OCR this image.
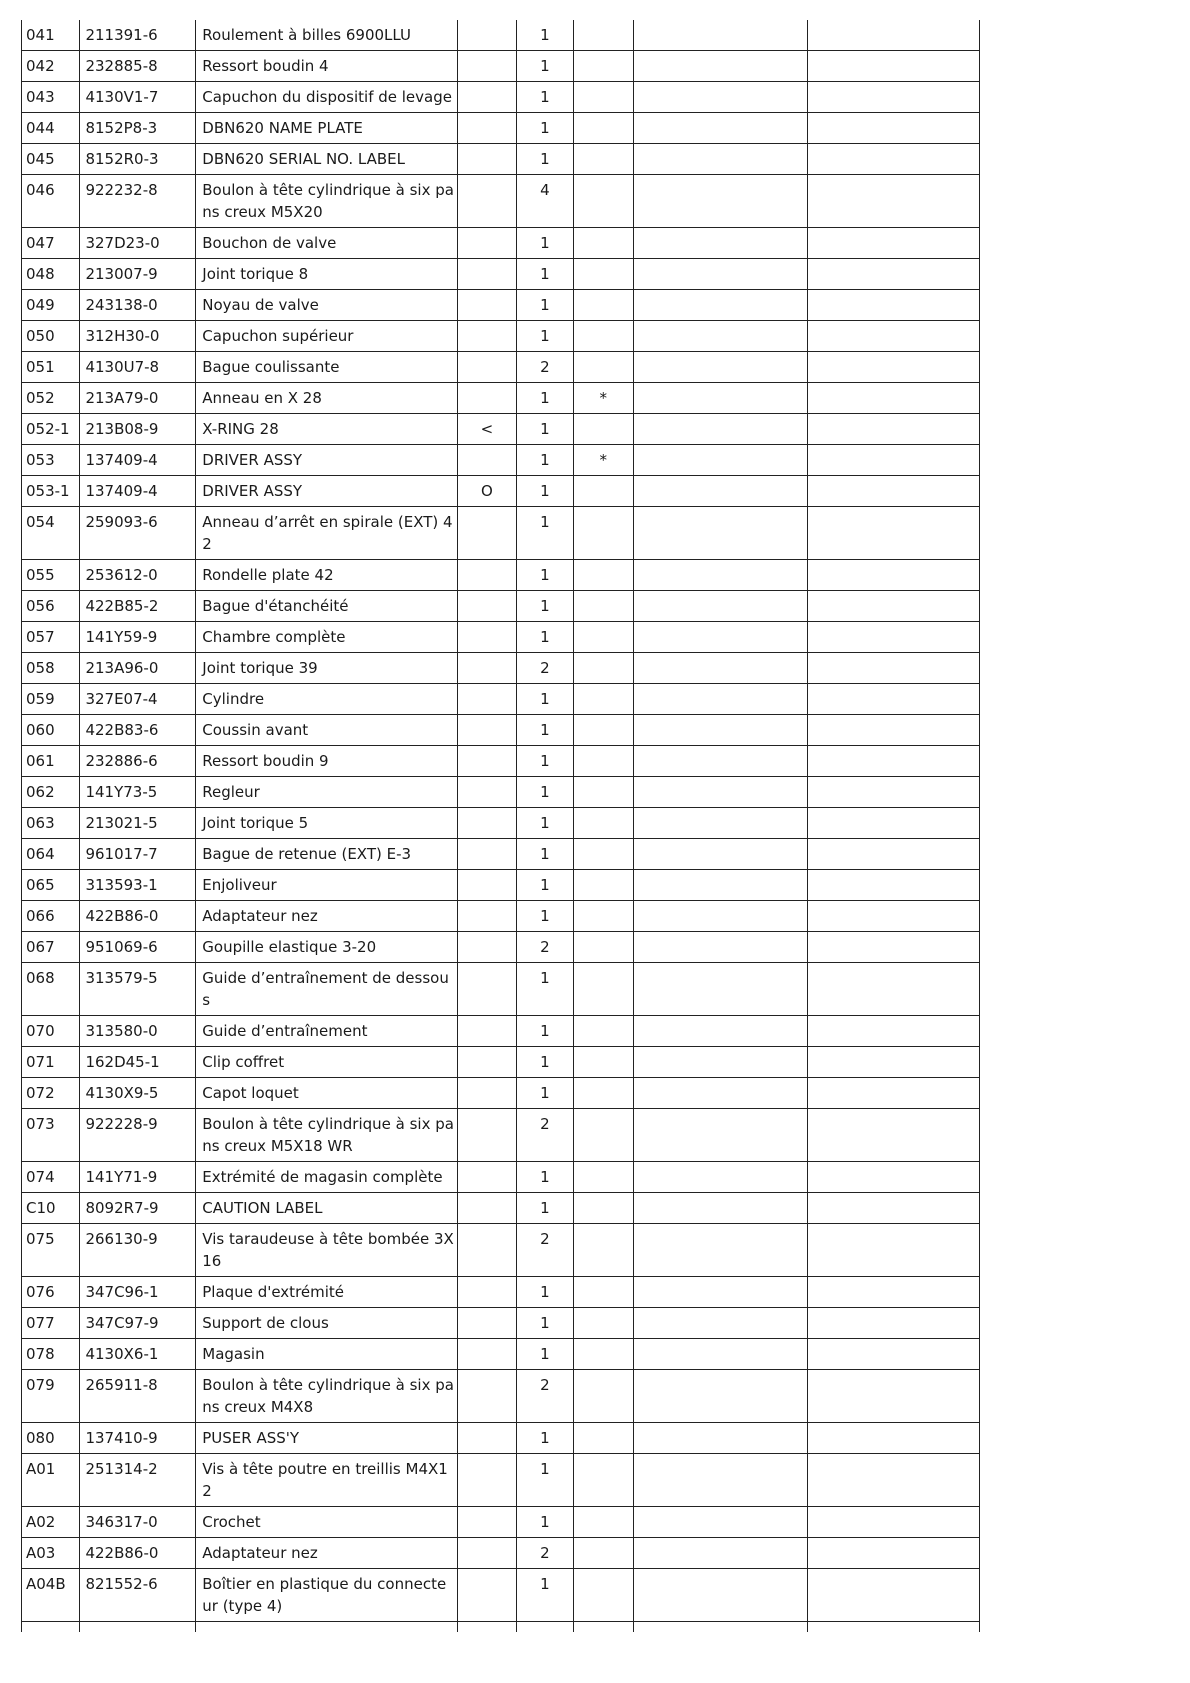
041	211391-6	Roulement à billes 6900LLU		1			
042	232885-8	Ressort boudin 4		1			
043	4130V1-7	Capuchon du dispositif de levage		1			
044	8152P8-3	DBN620 NAME PLATE		1			
045	8152R0-3	DBN620 SERIAL NO. LABEL		1			
046	922232-8	Boulon à tête cylindrique à six pans creux M5X20		4			
047	327D23-0	Bouchon de valve		1			
048	213007-9	Joint torique 8		1			
049	243138-0	Noyau de valve		1			
050	312H30-0	Capuchon supérieur		1			
051	4130U7-8	Bague coulissante		2			
052	213A79-0	Anneau en X 28		1	*		
052-1	213B08-9	X-RING 28	<	1			
053	137409-4	DRIVER ASSY		1	*		
053-1	137409-4	DRIVER ASSY	O	1			
054	259093-6	Anneau d’arrêt en spirale (EXT) 42		1			
055	253612-0	Rondelle plate 42		1			
056	422B85-2	Bague d'étanchéité		1			
057	141Y59-9	Chambre complète		1			
058	213A96-0	Joint torique 39		2			
059	327E07-4	Cylindre		1			
060	422B83-6	Coussin avant		1			
061	232886-6	Ressort boudin 9		1			
062	141Y73-5	Regleur		1			
063	213021-5	Joint torique 5		1			
064	961017-7	Bague de retenue (EXT) E-3		1			
065	313593-1	Enjoliveur		1			
066	422B86-0	Adaptateur nez		1			
067	951069-6	Goupille elastique 3-20		2			
068	313579-5	Guide d’entraînement de dessous		1			
070	313580-0	Guide d’entraînement		1			
071	162D45-1	Clip coffret		1			
072	4130X9-5	Capot loquet		1			
073	922228-9	Boulon à tête cylindrique à six pans creux M5X18 WR		2			
074	141Y71-9	Extrémité de magasin complète		1			
C10	8092R7-9	CAUTION LABEL		1			
075	266130-9	Vis taraudeuse à tête bombée 3X16		2			
076	347C96-1	Plaque d'extrémité		1			
077	347C97-9	Support de clous		1			
078	4130X6-1	Magasin		1			
079	265911-8	Boulon à tête cylindrique à six pans creux M4X8		2			
080	137410-9	PUSER ASS'Y		1			
A01	251314-2	Vis à tête poutre en treillis M4X12		1			
A02	346317-0	Crochet		1			
A03	422B86-0	Adaptateur nez		2			
A04B	821552-6	Boîtier en plastique du connecteur (type 4)		1			
